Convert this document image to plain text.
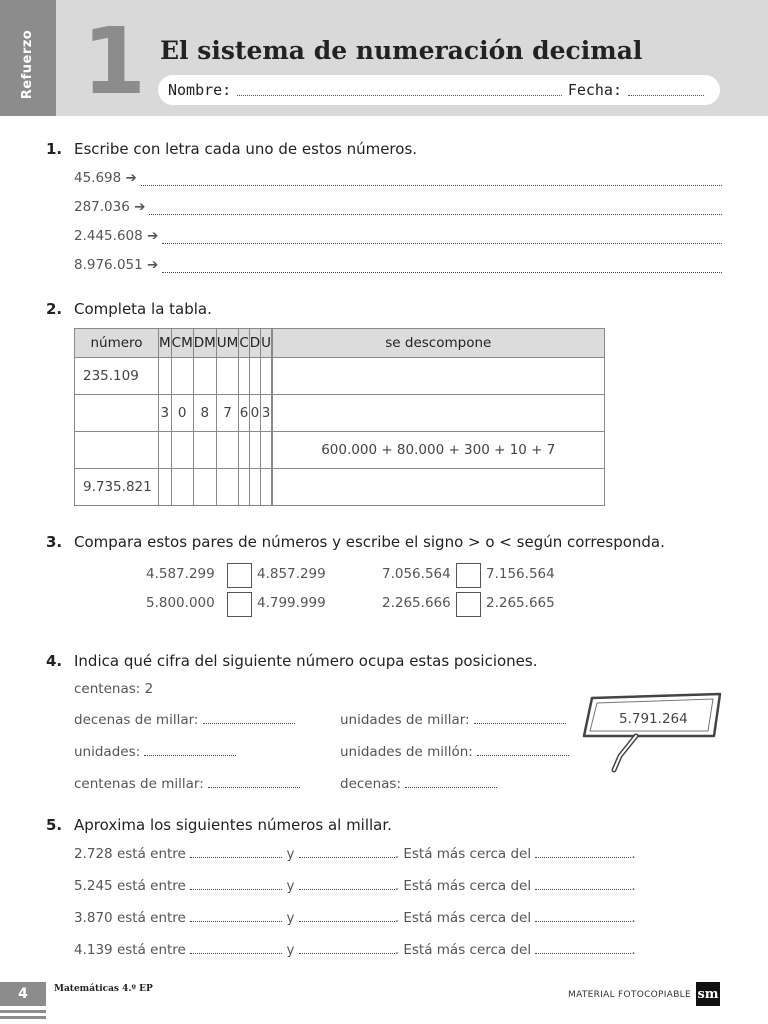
Refuerzo 1 El sistema de numeración decimal
Nombre:	Fecha:
1. Escribe con letra cada uno de estos números.
45.698 ➔
287.036 ➔
2.445.608 ➔
8.976.051 ➔
2. Completa la tabla.
número	M	CM	DM	UM	C	D	U	se descompone
235.109								
	3	0	8	7	6	0	3	
								600.000 + 80.000 + 300 + 10 + 7
9.735.821								
3. Compara estos pares de números y escribe el signo > o < según corresponda.
4.587.299	4.857.299	7.056.564	7.156.564
5.800.000	4.799.999	2.265.666	2.265.665
4. Indica qué cifra del siguiente número ocupa estas posiciones.
centenas: 2
decenas de millar:
unidades:
centenas de millar:
unidades de millar:
unidades de millón:
decenas:
5.791.264
5. Aproxima los siguientes números al millar.
2.728 está entre	y	. Está más cerca del	.
5.245 está entre	y	. Está más cerca del	.
3.870 está entre	y	. Está más cerca del	.
4.139 está entre	y	. Está más cerca del	.
4	Matemáticas 4.º EP
MATERIAL FOTOCOPIABLE sm
